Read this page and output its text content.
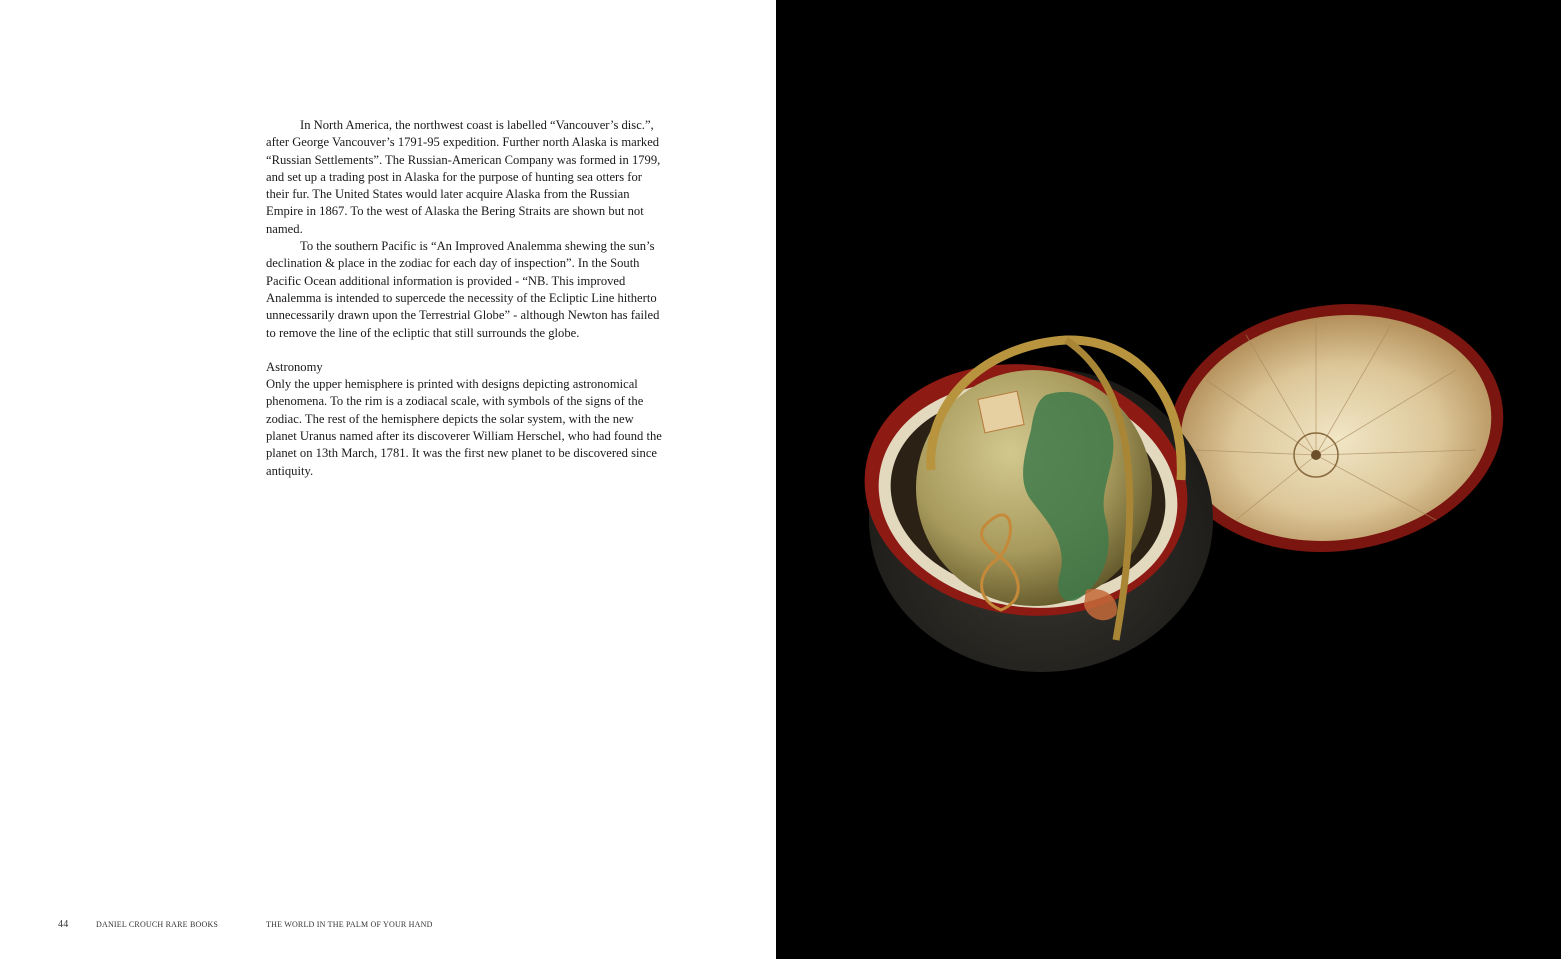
In North America, the northwest coast is labelled “Vancouver’s disc.”, after George Vancouver’s 1791-95 expedition. Further north Alaska is marked “Russian Settlements”. The Russian-American Company was formed in 1799, and set up a trading post in Alaska for the purpose of hunting sea otters for their fur. The United States would later acquire Alaska from the Russian Empire in 1867. To the west of Alaska the Bering Straits are shown but not named.

To the southern Pacific is “An Improved Analemma shewing the sun’s declination & place in the zodiac for each day of inspection”. In the South Pacific Ocean additional information is provided - “NB. This improved Analemma is intended to supercede the necessity of the Ecliptic Line hitherto unnecessarily drawn upon the Terrestrial Globe” - although Newton has failed to remove the line of the ecliptic that still surrounds the globe.

Astronomy

Only the upper hemisphere is printed with designs depicting astronomical phenomena. To the rim is a zodiacal scale, with symbols of the signs of the zodiac. The rest of the hemisphere depicts the solar system, with the new planet Uranus named after its discoverer William Herschel, who had found the planet on 13th March, 1781. It was the first new planet to be discovered since antiquity.

44	DANIEL CROUCH RARE BOOKS	THE WORLD IN THE PALM OF YOUR HAND
